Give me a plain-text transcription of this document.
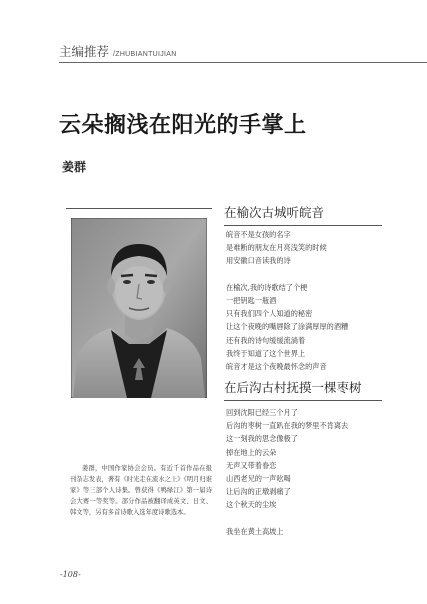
主编推荐 /ZHUBIANTUIJIAN
云朵搁浅在阳光的手掌上
姜群
在榆次古城听皖音
皖音不是女孩的名字
是难断的朋友在月亮浅笑的时候
用安徽口音读我的诗
在榆次,我的诗歌结了个梗
一把钥匙一瓶酒
只有我们四个人知道的秘密
让这个夜晚的嘴唇除了涂满厚厚的酒糟
还有我的诗句缓缓流淌着
我终于知道了这个世界上
皖音才是这个夜晚最怀念的声音
在后沟古村抚摸一棵枣树
回到沈阳已经三个月了
后沟的枣树一直趴在我的梦里不肯离去
这一刻我的思念像极了
掉在地上的云朵
无声又带着眷恋
山西老兄的一声吆喝
让后沟的正墩剥痛了
这个秋天的尘埃
我坐在黄土高坡上
姜群，中国作家协会会员。有近千首作品在报刊杂志发表，著有《时光走在流水之上》《明月归谁家》等三部个人诗集。曾获得《鸭绿江》第一届诗会大赛一等奖等。部分作品被翻译成英文、日文、韩文等，另有多首诗歌入选年度诗歌选本。
-108-
